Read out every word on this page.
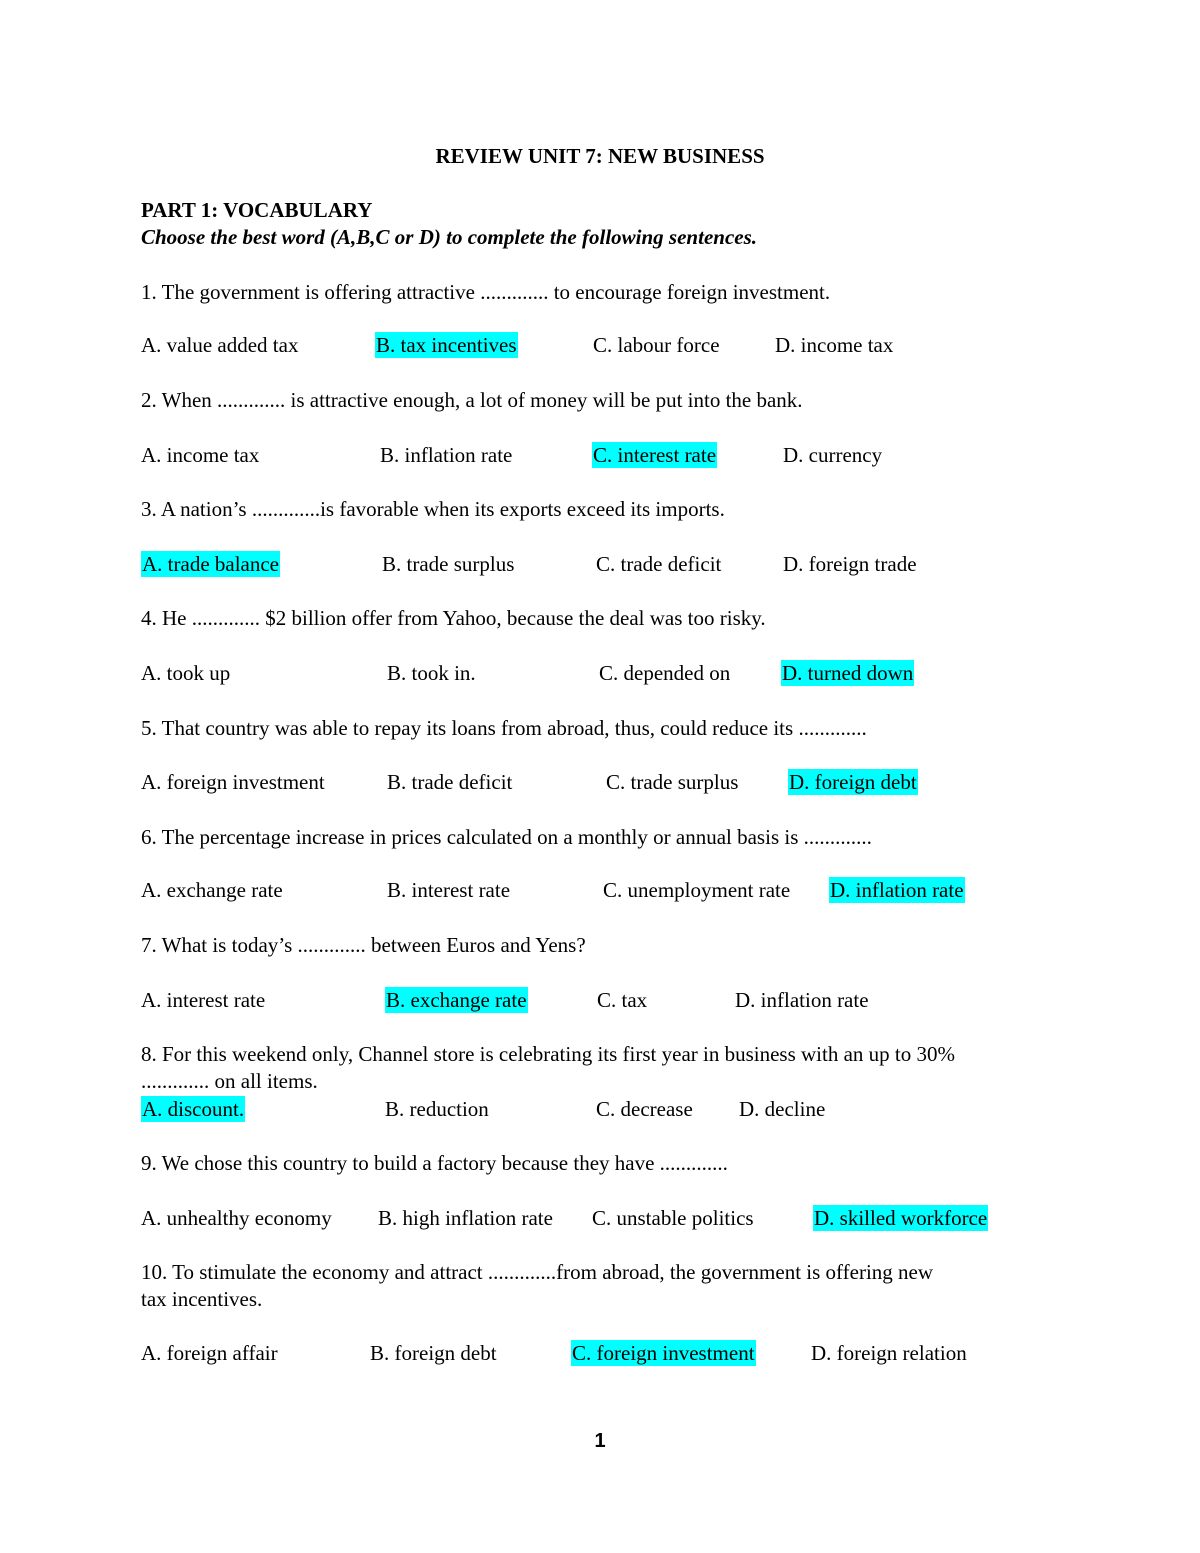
REVIEW UNIT 7: NEW BUSINESS
PART 1: VOCABULARY
Choose the best word (A,B,C or D) to complete the following sentences.
1. The government is offering attractive ............. to encourage foreign investment.
A. value added tax	B. tax incentives	C. labour force	D. income tax
2. When ............. is attractive enough, a lot of money will be put into the bank.
A. income tax	B. inflation rate	C. interest rate	D. currency
3. A nation’s .............is favorable when its exports exceed its imports.
A. trade balance	B. trade surplus	C. trade deficit	D. foreign trade
4. He ............. $2 billion offer from Yahoo, because the deal was too risky.
A. took up	B. took in.	C. depended on D. turned down
5. That country was able to repay its loans from abroad, thus, could reduce its .............
A. foreign investment	B. trade deficit	C. trade surplus D. foreign debt
6. The percentage increase in prices calculated on a monthly or annual basis is .............
A. exchange rate	B. interest rate	C. unemployment rate D. inflation rate
7. What is today’s ............. between Euros and Yens?
A. interest rate	B. exchange rate	C. tax	D. inflation rate
8. For this weekend only, Channel store is celebrating its first year in business with an up to 30%
............. on all items.
A. discount.	B. reduction	C. decrease D. decline
9. We chose this country to build a factory because they have .............
A. unhealthy economy B. high inflation rate C. unstable politics	D. skilled workforce
10. To stimulate the economy and attract .............from abroad, the government is offering new
tax incentives.
A. foreign affair	B. foreign debt	C. foreign investment	D. foreign relation
1
